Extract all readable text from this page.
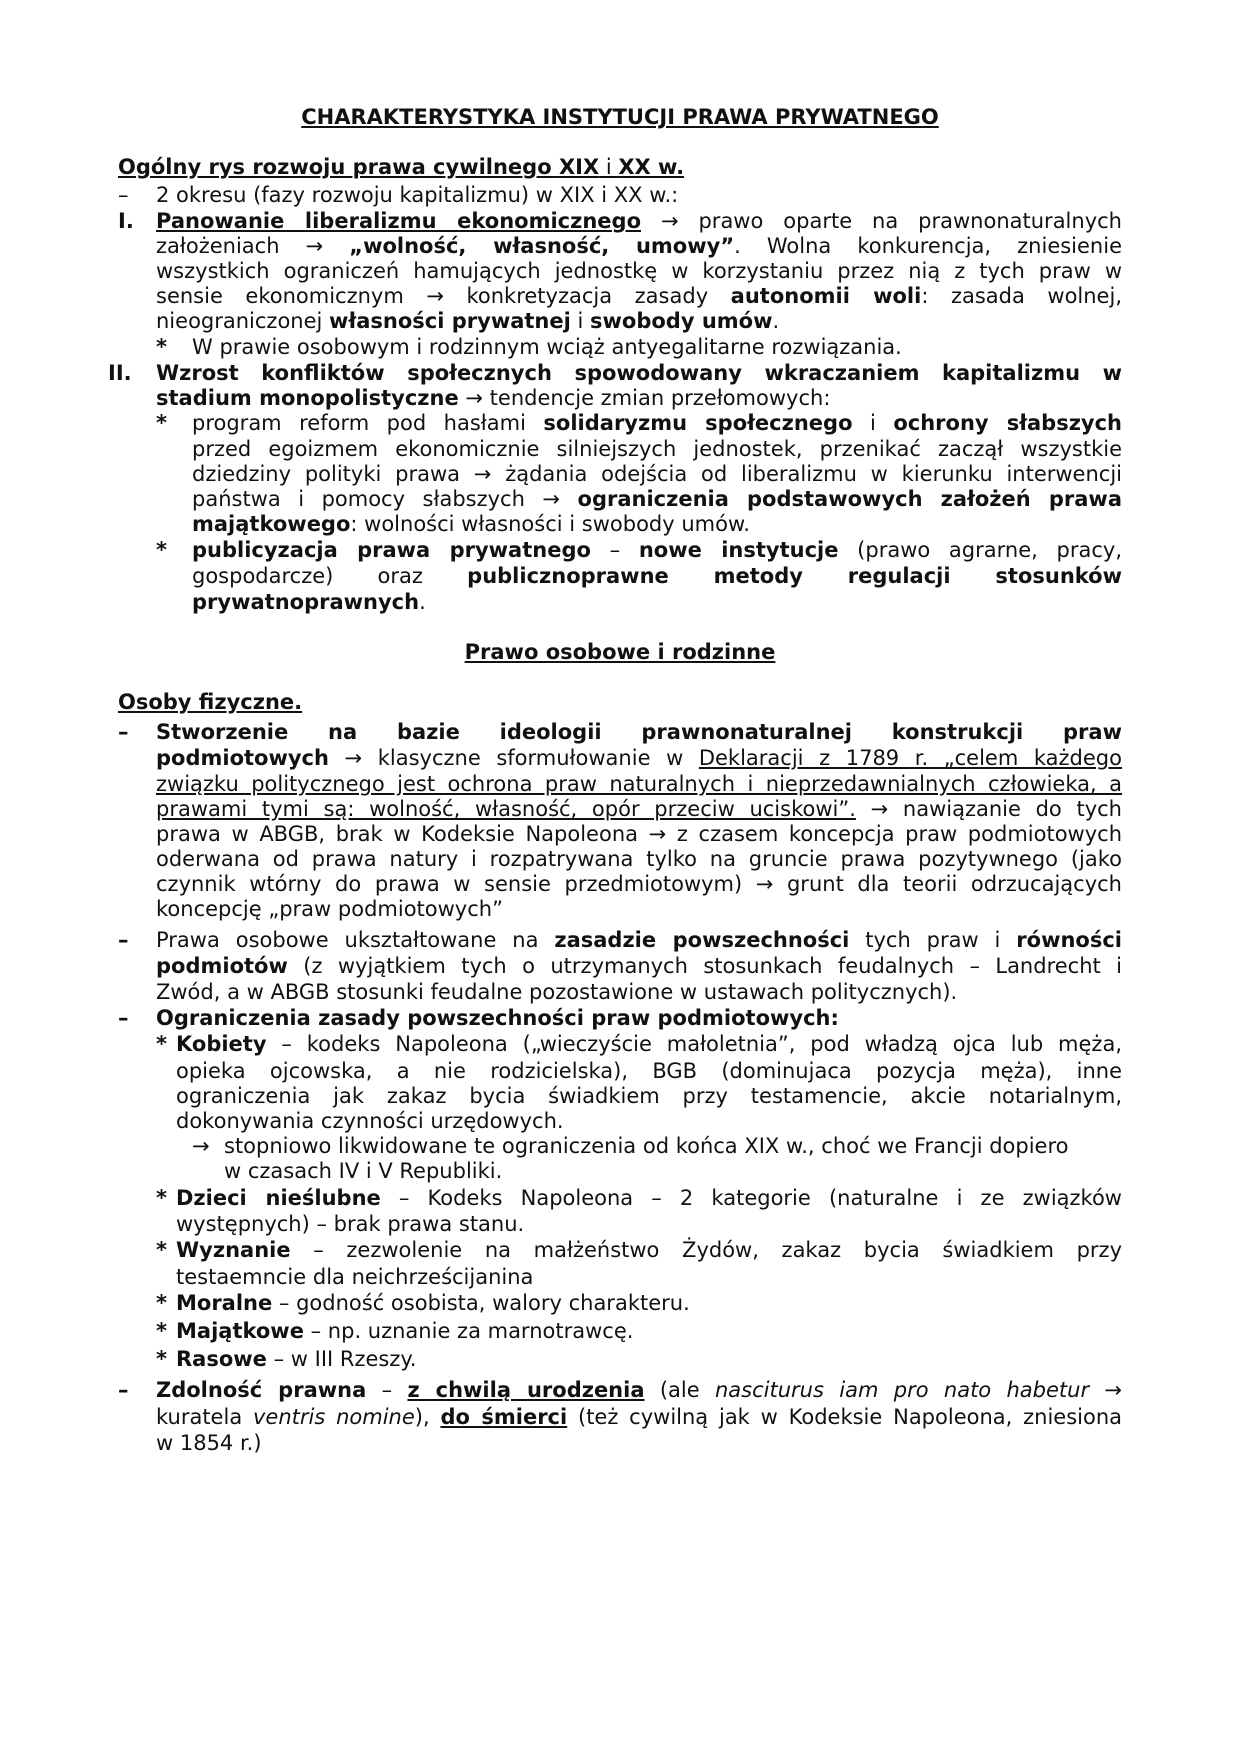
CHARAKTERYSTYKA INSTYTUCJI PRAWA PRYWATNEGO
Ogólny rys rozwoju prawa cywilnego XIX i XX w.
– 2 okresu (fazy rozwoju kapitalizmu) w XIX i XX w.:
I. Panowanie liberalizmu ekonomicznego → prawo oparte na prawnonaturalnych
założeniach → „wolność, własność, umowy”. Wolna konkurencja, zniesienie
wszystkich ograniczeń hamujących jednostkę w korzystaniu przez nią z tych praw w
sensie ekonomicznym → konkretyzacja zasady autonomii woli: zasada wolnej,
nieograniczonej własności prywatnej i swobody umów.
* W prawie osobowym i rodzinnym wciąż antyegalitarne rozwiązania.
II. Wzrost konfliktów społecznych spowodowany wkraczaniem kapitalizmu w
stadium monopolistyczne → tendencje zmian przełomowych:
* program reform pod hasłami solidaryzmu społecznego i ochrony słabszych
przed egoizmem ekonomicznie silniejszych jednostek, przenikać zaczął wszystkie
dziedziny polityki prawa → żądania odejścia od liberalizmu w kierunku interwencji
państwa i pomocy słabszych → ograniczenia podstawowych założeń prawa
majątkowego: wolności własności i swobody umów.
* publicyzacja prawa prywatnego – nowe instytucje (prawo agrarne, pracy,
gospodarcze) oraz publicznoprawne metody regulacji stosunków
prywatnoprawnych.
Prawo osobowe i rodzinne
Osoby fizyczne.
– Stworzenie na bazie ideologii prawnonaturalnej konstrukcji praw
podmiotowych → klasyczne sformułowanie w Deklaracji z 1789 r. „celem każdego
związku politycznego jest ochrona praw naturalnych i nieprzedawnialnych człowieka, a
prawami tymi są: wolność, własność, opór przeciw uciskowi”. → nawiązanie do tych
prawa w ABGB, brak w Kodeksie Napoleona → z czasem koncepcja praw podmiotowych
oderwana od prawa natury i rozpatrywana tylko na gruncie prawa pozytywnego (jako
czynnik wtórny do prawa w sensie przedmiotowym) → grunt dla teorii odrzucających
koncepcję „praw podmiotowych”
– Prawa osobowe ukształtowane na zasadzie powszechności tych praw i równości
podmiotów (z wyjątkiem tych o utrzymanych stosunkach feudalnych – Landrecht i
Zwód, a w ABGB stosunki feudalne pozostawione w ustawach politycznych).
– Ograniczenia zasady powszechności praw podmiotowych:
* Kobiety – kodeks Napoleona („wieczyście małoletnia”, pod władzą ojca lub męża,
opieka ojcowska, a nie rodzicielska), BGB (dominujaca pozycja męża), inne
ograniczenia jak zakaz bycia świadkiem przy testamencie, akcie notarialnym,
dokonywania czynności urzędowych.
→ stopniowo likwidowane te ograniczenia od końca XIX w., choć we Francji dopiero
w czasach IV i V Republiki.
* Dzieci nieślubne – Kodeks Napoleona – 2 kategorie (naturalne i ze związków
występnych) – brak prawa stanu.
* Wyznanie – zezwolenie na małżeństwo Żydów, zakaz bycia świadkiem przy
testaemncie dla neichrześcijanina
* Moralne – godność osobista, walory charakteru.
* Majątkowe – np. uznanie za marnotrawcę.
* Rasowe – w III Rzeszy.
– Zdolność prawna – z chwilą urodzenia (ale nasciturus iam pro nato habetur →
kuratela ventris nomine), do śmierci (też cywilną jak w Kodeksie Napoleona, zniesiona
w 1854 r.)
